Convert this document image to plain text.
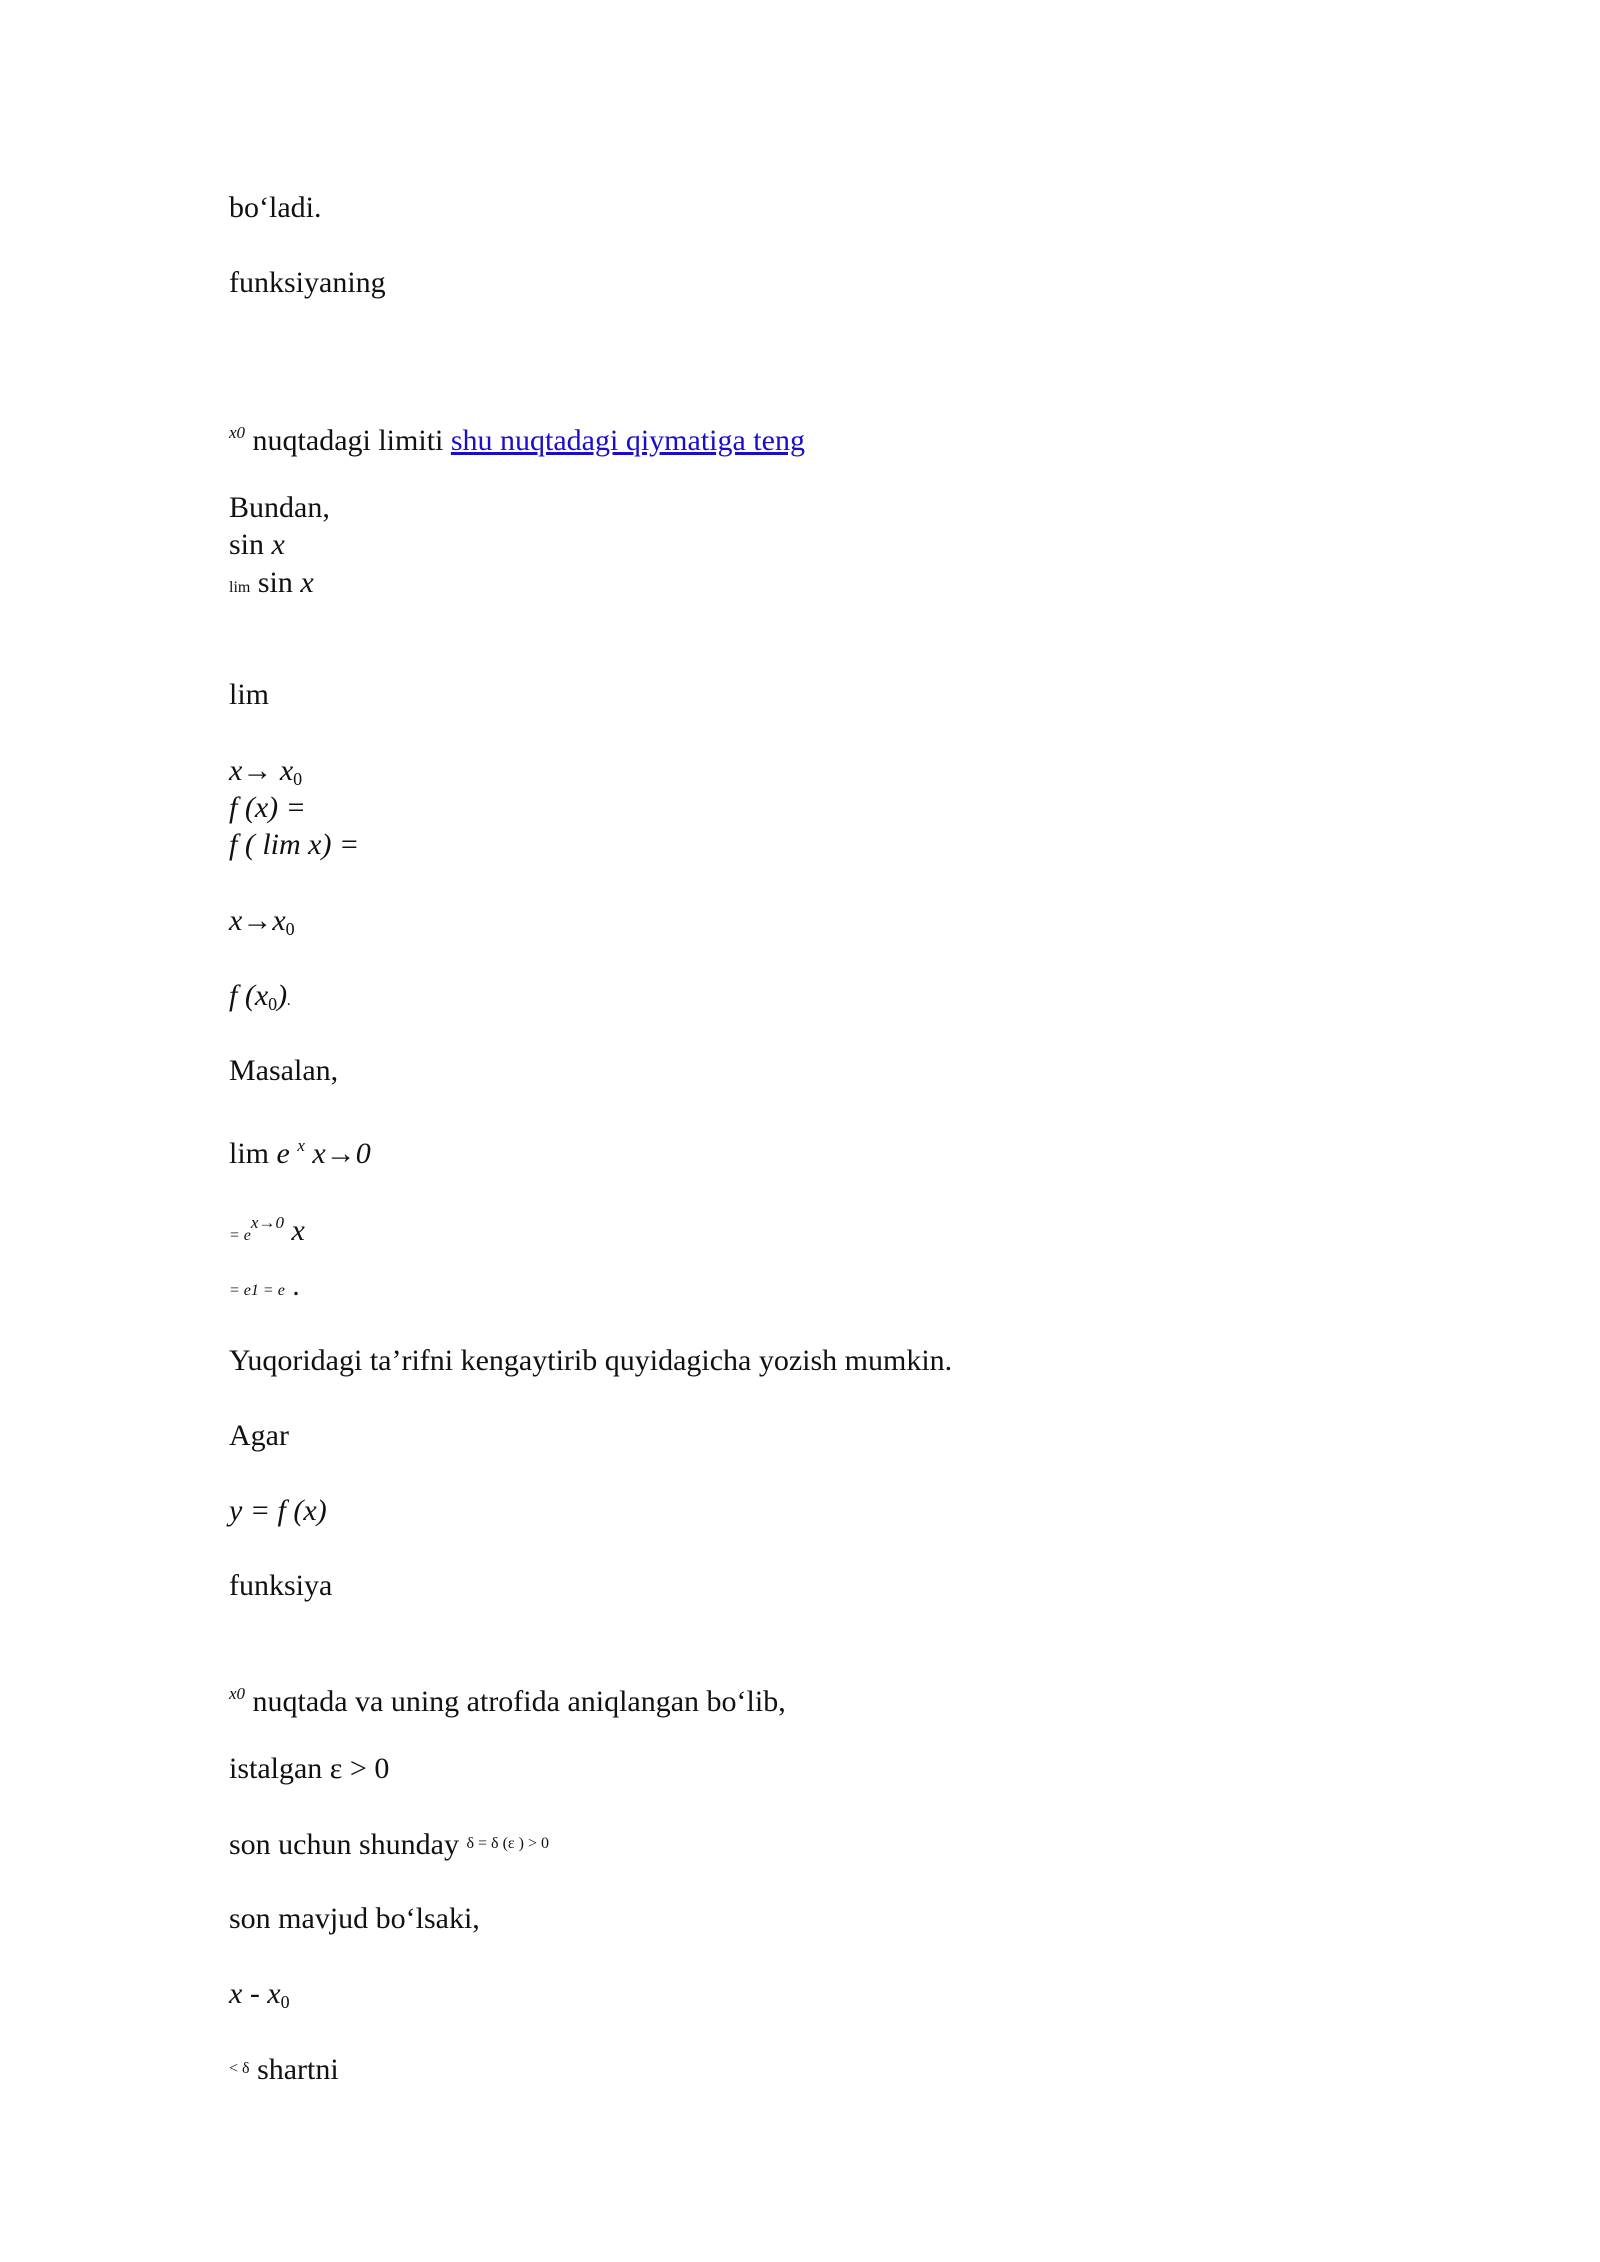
bo‘ladi.

funksiyaning

$^{x0}$ nuqtadagi limiti shu nuqtadagi qiymatiga teng

Bundan,

sin x

lim sin x

lim

$x\to x_0$

f (x) =

f ( lim x) =

$x\to x_0$

f $(x_0)$.

Masalan,

lim e $^x$ x→0

= $e^{x\to 0}$ x

= e1 = e .

Yuqoridagi ta’rifni kengaytirib quyidagicha yozish mumkin.

Agar

y = f (x)

funksiya

$^{x0}$ nuqtada va uning atrofida aniqlangan bo‘lib,

istalgan ε > 0

son uchun shunday $^{\delta = \delta (\varepsilon ) > 0}$

son mavjud bo‘lsaki,

x - $x_0$

$^{< \delta}$ shartni
